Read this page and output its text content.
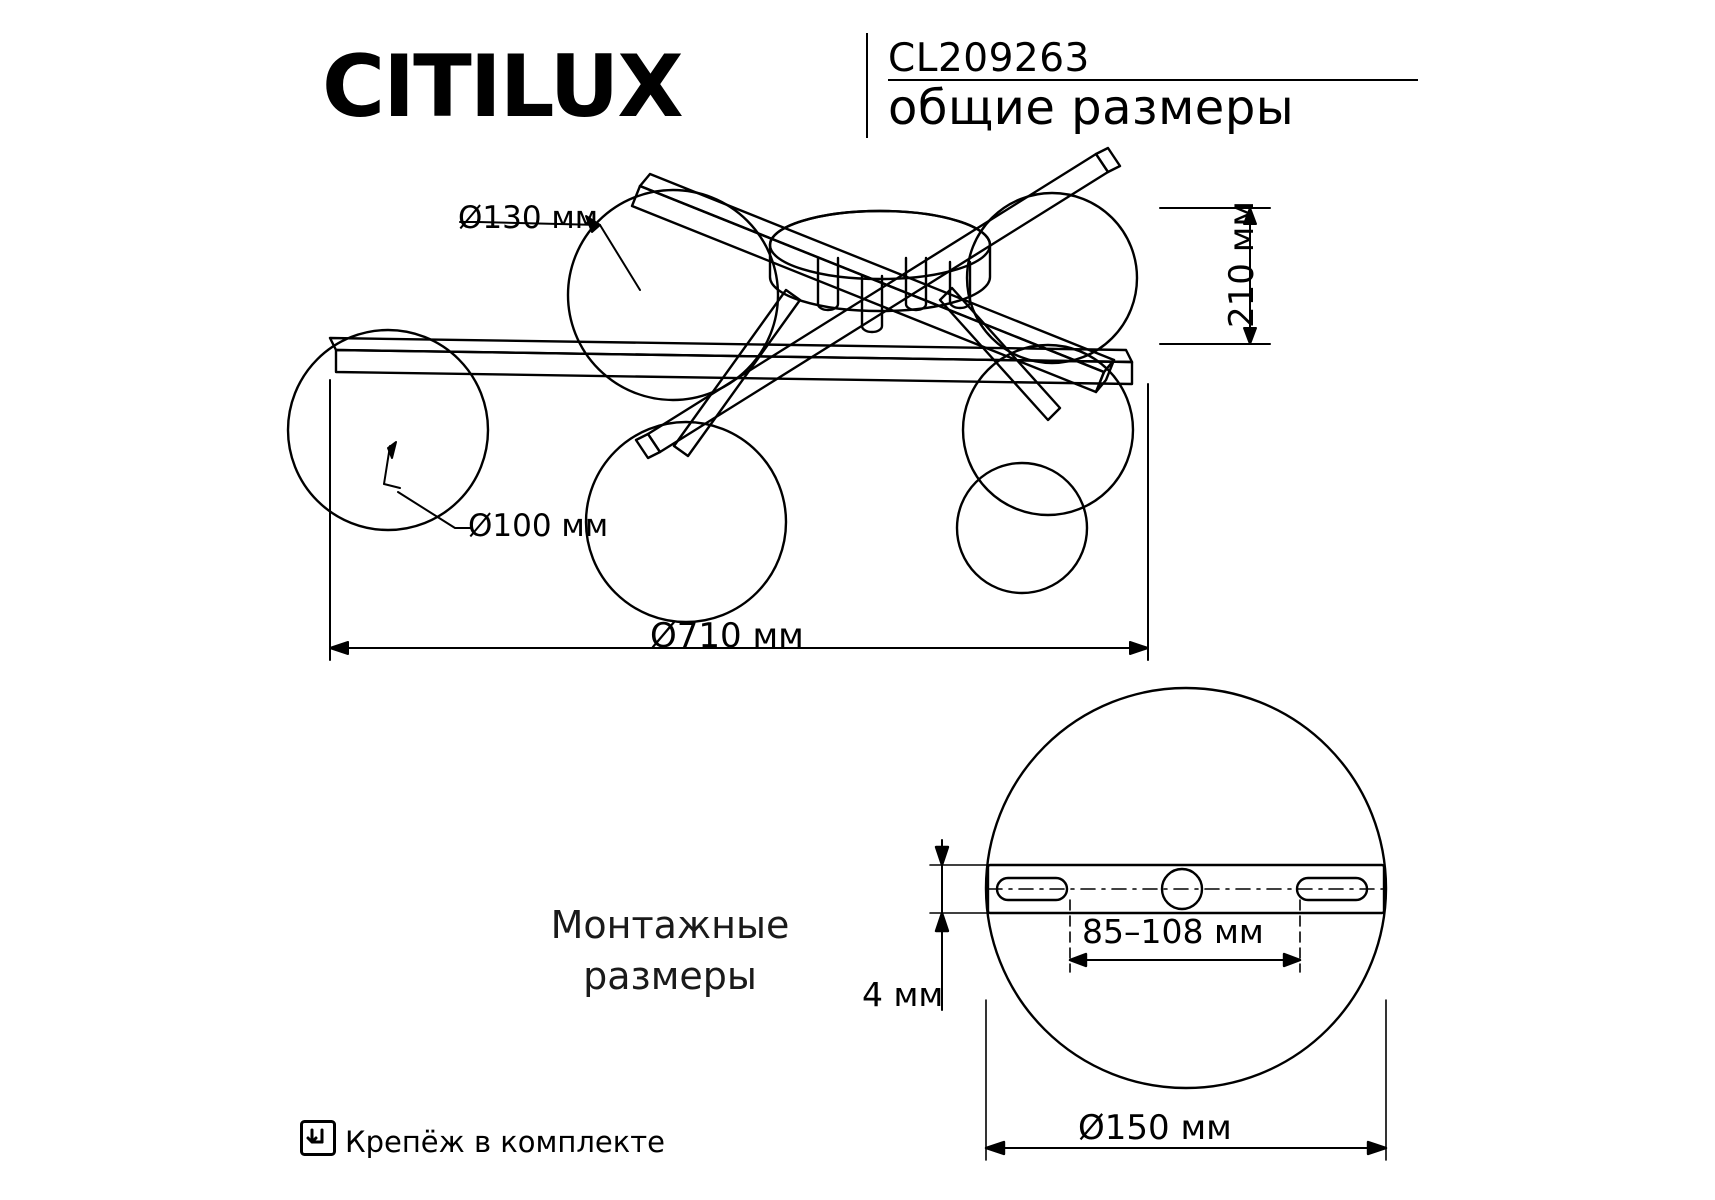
CITILUX	CL209263
общие размеры
Ø130 мм
Ø100 мм
Ø710 мм
210 мм
4 мм
85–108 мм
Ø150 мм
Монтажные
размеры
Крепёж в комплекте
